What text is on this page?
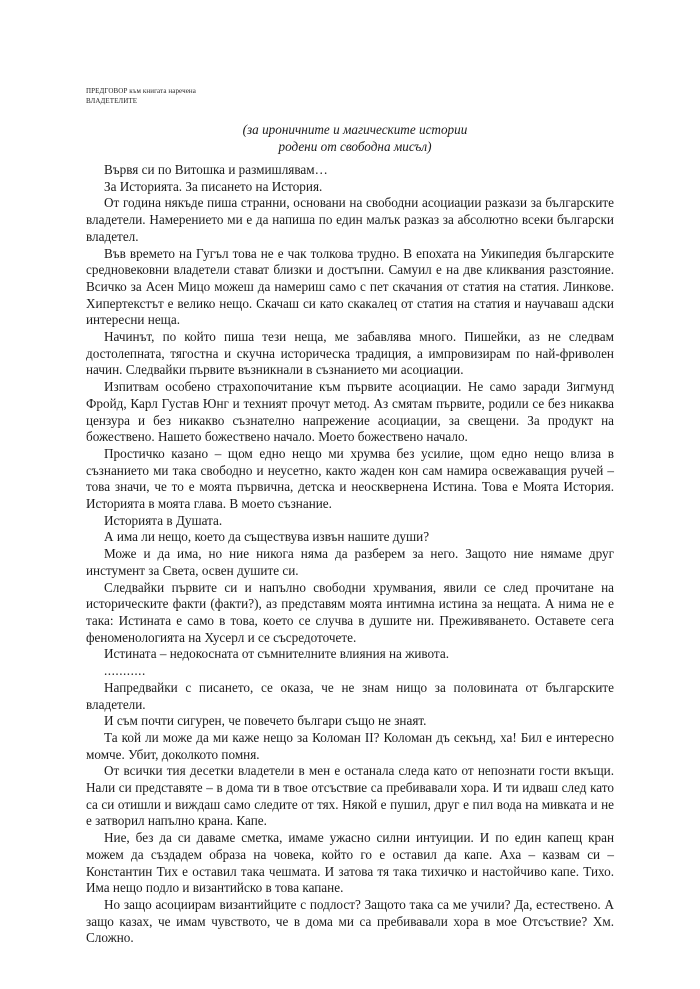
ПРЕДГОВОР към книгата наречена
ВЛАДЕТЕЛИТЕ
(за ироничните и магическите истории
родени от свободна мисъл)

Вървя си по Витошка и размишлявам…

За Историята. За писането на История.

От година някъде пиша странни, основани на свободни асоциации разкази за българските владетели. Намерението ми е да напиша по един малък разказ за абсолютно всеки български владетел.

Във времето на Гугъл това не е чак толкова трудно. В епохата на Уикипедия българските средновековни владетели стават близки и достъпни. Самуил е на две кликвания разстояние. Всичко за Асен Мицо можеш да намериш само с пет скачания от статия на статия. Линкове. Хипертекстът е велико нещо. Скачаш си като скакалец от статия на статия и научаваш адски интересни неща.

Начинът, по който пиша тези неща, ме забавлява много. Пишейки, аз не следвам достолепната, тягостна и скучна историческа традиция, а импровизирам по най-фриволен начин. Следвайки първите възникнали в съзнанието ми асоциации.

Изпитвам особено страхопочитание към първите асоциации. Не само заради Зигмунд Фройд, Карл Густав Юнг и техният прочут метод. Аз смятам първите, родили се без никаква цензура и без никакво съзнателно напрежение асоциации, за свещени. За продукт на божествено. Нашето божествено начало. Моето божествено начало.

Простичко казано – щом едно нещо ми хрумва без усилие, щом едно нещо влиза в съзнанието ми така свободно и неусетно, както жаден кон сам намира освежаващия ручей – това значи, че то е моята първична, детска и неосквернена Истина. Това е Моята История. Историята в моята глава. В моето съзнание.

Историята в Душата.

А има ли нещо, което да съществува извън нашите души?

Може и да има, но ние никога няма да разберем за него. Защото ние нямаме друг инстумент за Света, освен душите си.

Следвайки първите си и напълно свободни хрумвания, явили се след прочитане на историческите факти (факти?), аз представям моята интимна истина за нещата. А нима не е така: Истината е само в това, което се случва в душите ни. Преживяването. Оставете сега феноменологията на Хусерл и се съсредоточете.

Истината – недокосната от съмнителните влияния на живота.

...........

Напредвайки с писането, се оказа, че не знам нищо за половината от българските владетели.

И съм почти сигурен, че повечето българи също не знаят.

Та кой ли може да ми каже нещо за Коломан II? Коломан дъ секънд, ха! Бил е интересно момче. Убит, доколкото помня.

От всички тия десетки владетели в мен е останала следа като от непознати гости вкъщи. Нали си представяте – в дома ти в твое отсъствие са пребивавали хора. И ти идваш след като са си отишли и виждаш само следите от тях. Някой е пушил, друг е пил вода на мивката и не е затворил напълно крана. Капе.

Ние, без да си даваме сметка, имаме ужасно силни интуиции. И по един капещ кран можем да създадем образа на човека, който го е оставил да капе. Аха – казвам си – Константин Тих е оставил така чешмата. И затова тя така тихичко и настойчиво капе. Тихо. Има нещо подло и византийско в това капане.

Но защо асоциирам византийците с подлост? Защото така са ме учили? Да, естествено. А защо казах, че имам чувството, че в дома ми са пребивавали хора в мое Отсъствие? Хм. Сложно.
